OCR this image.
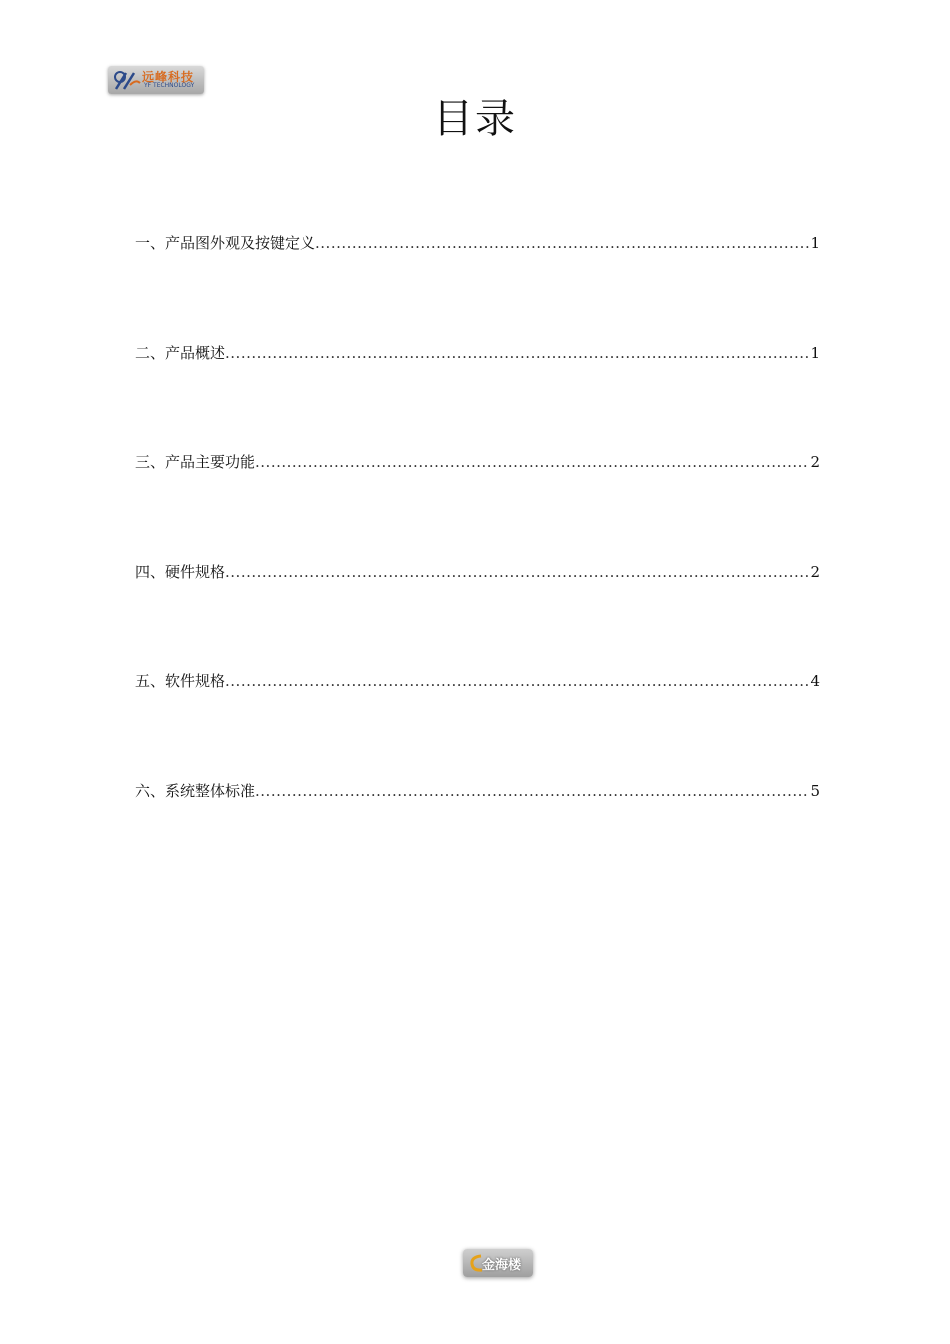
远峰科技
YF TECHNOLOGY
目录
一、产品图外观及按键定义 .....	1
二、产品概述 .....	1
三、产品主要功能 .....	2
四、硬件规格 .....	2
五、软件规格 .....	4
六、系统整体标准 .....	5
金海楼
